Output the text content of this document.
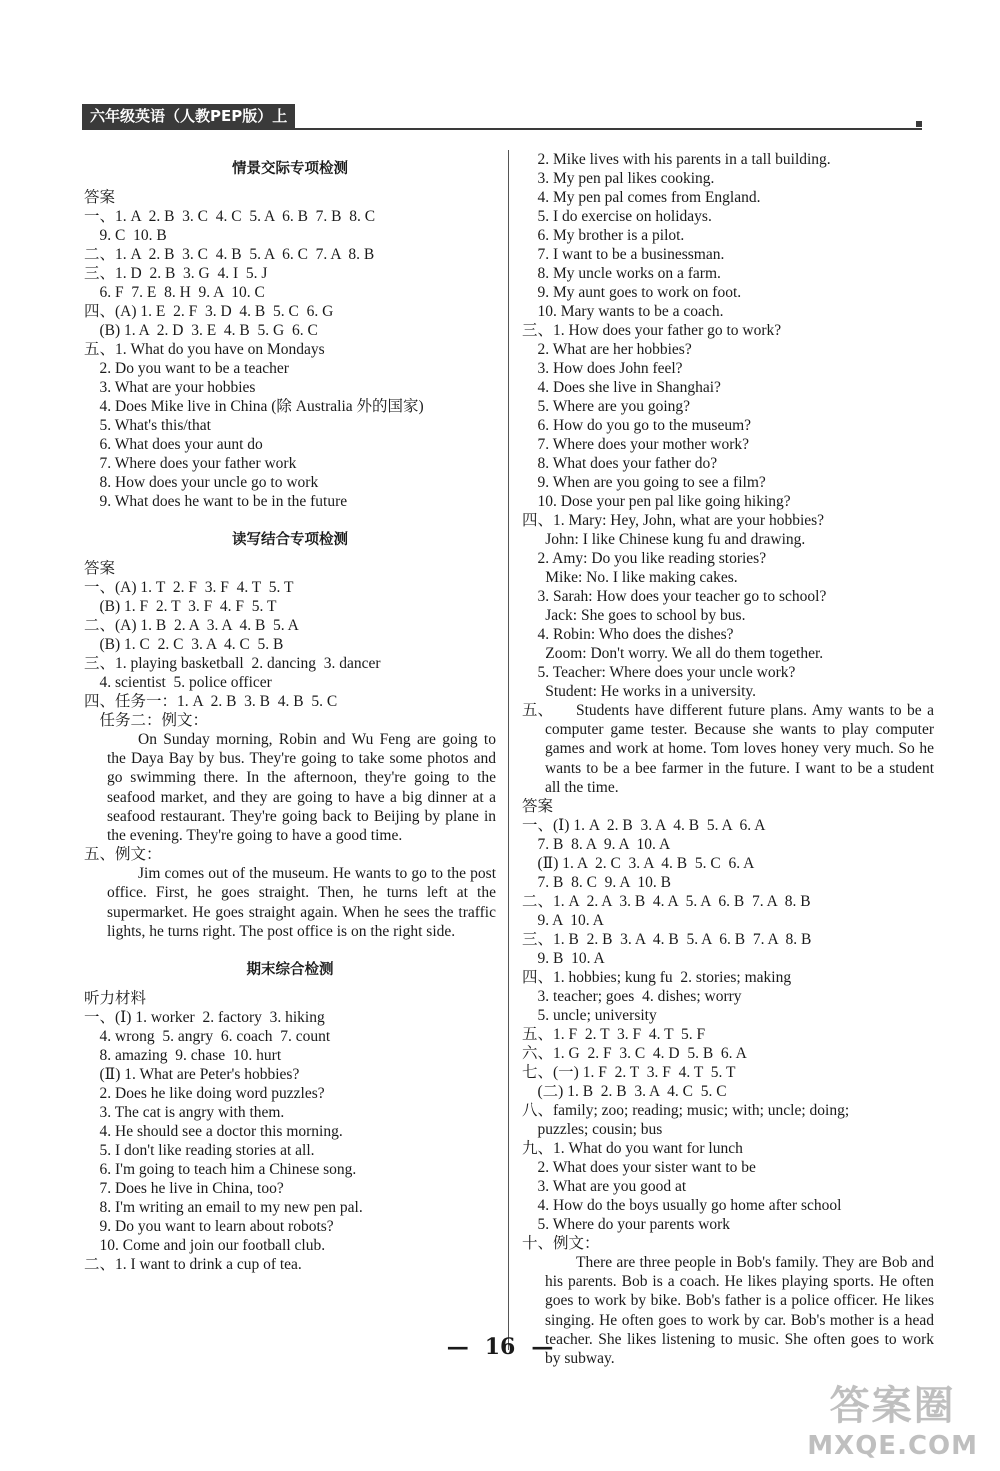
六年级英语（人教PEP版）上
情景交际专项检测
答案
一、1. A  2. B  3. C  4. C  5. A  6. B  7. B  8. C
9. C  10. B
二、1. A  2. B  3. C  4. B  5. A  6. C  7. A  8. B
三、1. D  2. B  3. G  4. I  5. J
6. F  7. E  8. H  9. A  10. C
四、(A) 1. E  2. F  3. D  4. B  5. C  6. G
(B) 1. A  2. D  3. E  4. B  5. G  6. C
五、1. What do you have on Mondays
2. Do you want to be a teacher
3. What are your hobbies
4. Does Mike live in China (除 Australia 外的国家)
5. What's this/that
6. What does your aunt do
7. Where does your father work
8. How does your uncle go to work
9. What does he want to be in the future
读写结合专项检测
答案
一、(A) 1. T  2. F  3. F  4. T  5. T
(B) 1. F  2. T  3. F  4. F  5. T
二、(A) 1. B  2. A  3. A  4. B  5. A
(B) 1. C  2. C  3. A  4. C  5. B
三、1. playing basketball  2. dancing  3. dancer
4. scientist  5. police officer
四、任务一：1. A  2. B  3. B  4. B  5. C
任务二：例文：

On Sunday morning, Robin and Wu Feng are going to the Daya Bay by bus. They're going to take some photos and go swimming there. In the afternoon, they're going to the seafood market, and they are going to have a big dinner at a seafood restaurant. They're going back to Beijing by plane in the evening. They're going to have a good time.

五、例文：

Jim comes out of the museum. He wants to go to the post office. First, he goes straight. Then, he turns left at the supermarket. He goes straight again. When he sees the traffic lights, he turns right. The post office is on the right side.

期末综合检测
听力材料
一、(Ⅰ) 1. worker  2. factory  3. hiking
4. wrong  5. angry  6. coach  7. count
8. amazing  9. chase  10. hurt
(Ⅱ) 1. What are Peter's hobbies?
2. Does he like doing word puzzles?
3. The cat is angry with them.
4. He should see a doctor this morning.
5. I don't like reading stories at all.
6. I'm going to teach him a Chinese song.
7. Does he live in China, too?
8. I'm writing an email to my new pen pal.
9. Do you want to learn about robots?
10. Come and join our football club.
二、1. I want to drink a cup of tea.
2. Mike lives with his parents in a tall building.
3. My pen pal likes cooking.
4. My pen pal comes from England.
5. I do exercise on holidays.
6. My brother is a pilot.
7. I want to be a businessman.
8. My uncle works on a farm.
9. My aunt goes to work on foot.
10. Mary wants to be a coach.
三、1. How does your father go to work?
2. What are her hobbies?
3. How does John feel?
4. Does she live in Shanghai?
5. Where are you going?
6. How do you go to the museum?
7. Where does your mother work?
8. What does your father do?
9. When are you going to see a film?
10. Dose your pen pal like going hiking?
四、1. Mary: Hey, John, what are your hobbies?
John: I like Chinese kung fu and drawing.
2. Amy: Do you like reading stories?
Mike: No. I like making cakes.
3. Sarah: How does your teacher go to school?
Jack: She goes to school by bus.
4. Robin: Who does the dishes?
Zoom: Don't worry. We all do them together.
5. Teacher: Where does your uncle work?
Student: He works in a university.
五、	Students have different future plans. Amy wants to be a computer game tester. Because she wants to play computer games and work at home. Tom loves honey very much. So he wants to be a bee farmer in the future. I want to be a student all the time.

答案
一、(Ⅰ) 1. A  2. B  3. A  4. B  5. A  6. A
7. B  8. A  9. A  10. A
(Ⅱ) 1. A  2. C  3. A  4. B  5. C  6. A
7. B  8. C  9. A  10. B
二、1. A  2. A  3. B  4. A  5. A  6. B  7. A  8. B
9. A  10. A
三、1. B  2. B  3. A  4. B  5. A  6. B  7. A  8. B
9. B  10. A
四、1. hobbies; kung fu  2. stories; making
3. teacher; goes  4. dishes; worry
5. uncle; university
五、1. F  2. T  3. F  4. T  5. F
六、1. G  2. F  3. C  4. D  5. B  6. A
七、(一) 1. F  2. T  3. F  4. T  5. T
(二) 1. B  2. B  3. A  4. C  5. C
八、family; zoo; reading; music; with; uncle; doing;
puzzles; cousin; bus
九、1. What do you want for lunch
2. What does your sister want to be
3. What are you good at
4. How do the boys usually go home after school
5. Where do your parents work
十、例文：

There are three people in Bob's family. They are Bob and his parents. Bob is a coach. He likes playing sports. He often goes to work by bike. Bob's father is a police officer. He likes singing. He often goes to work by car. Bob's mother is a head teacher. She likes listening to music. She often goes to work by subway.

— 16 —
答案圈
MXQE.COM
